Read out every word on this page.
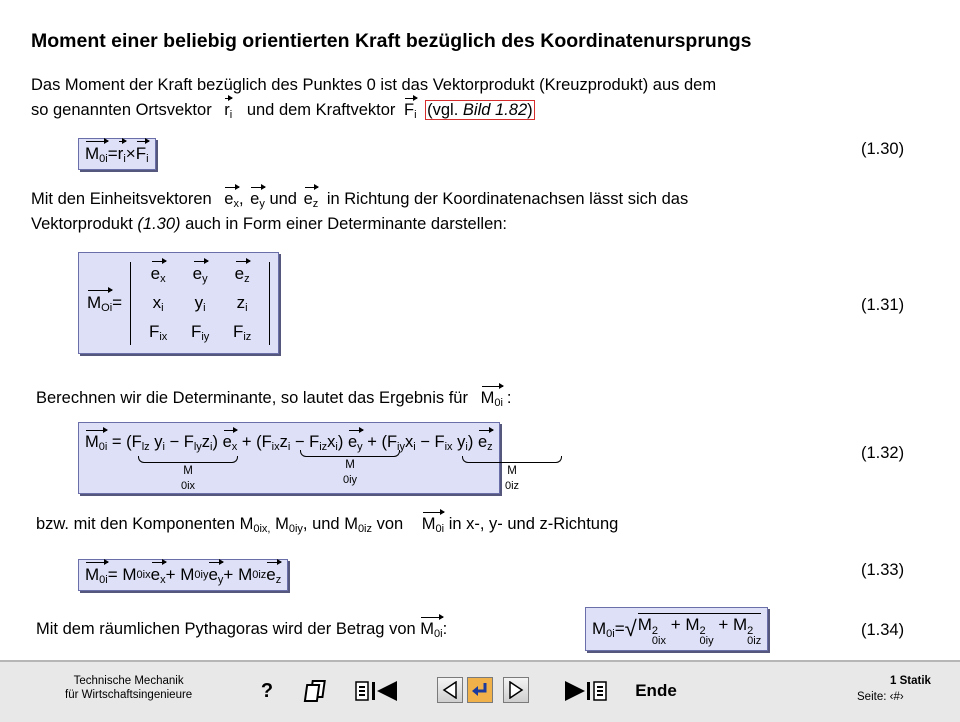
Moment einer beliebig orientierten Kraft bezüglich des Koordinatenursprungs
Das Moment der Kraft bezüglich des Punktes 0 ist das Vektorprodukt (Kreuzprodukt) aus dem
so genannten Ortsvektor $r_i$ und dem Kraftvektor $F_i$ (vgl. Bild 1.82)
$M_{0i} = r_i \times F_i$
(1.30)
Mit den Einheitsvektoren $e_x$, $e_y$ und $e_z$ in Richtung der Koordinatenachsen lässt sich das
Vektorprodukt (1.30) auch in Form einer Determinante darstellen:
$M_{Oi}$ =
$e_x$ $e_y$ $e_z$
$x_i$	$y_i$	$z_i$
$F_{ix}$	$F_{iy}$	$F_{iz}$
(1.31)
Berechnen wir die Determinante, so lautet das Ergebnis für $M_{0i}$ :
$M_{0i} = (F_{lz}$ $y_i - F_{ly}z_i$) $e_x + (F_{ix}z_i - F_{iz}x_i) e_y + (F_{iy}x_i - F_{ix}$ $y_i$) $e_z$
M
$_{0ix}$
M
$_{0iy}$
M
$_{0iz}$
(1.32)
bzw. mit den Komponenten $M_{0ix,}$ $M_{0iy}$, und $M_{0iz}$ von $M_{0i}$ in x-, y- und z-Richtung
$M_{0i} = M$ 0ix $e_x + M$ 0iy $e_y + M$ 0iz $e_z$
(1.33)
Mit dem räumlichen Pythagoras wird der Betrag von $M_{0i}$:	$M_{0i}$ = √ M 2
0ix
+ M 2
0iy
+ M 2
0iz
(1.34)
Technische Mechanik
für Wirtschaftsingenieure	?	Ende	1 Statik
Seite: ‹#›
